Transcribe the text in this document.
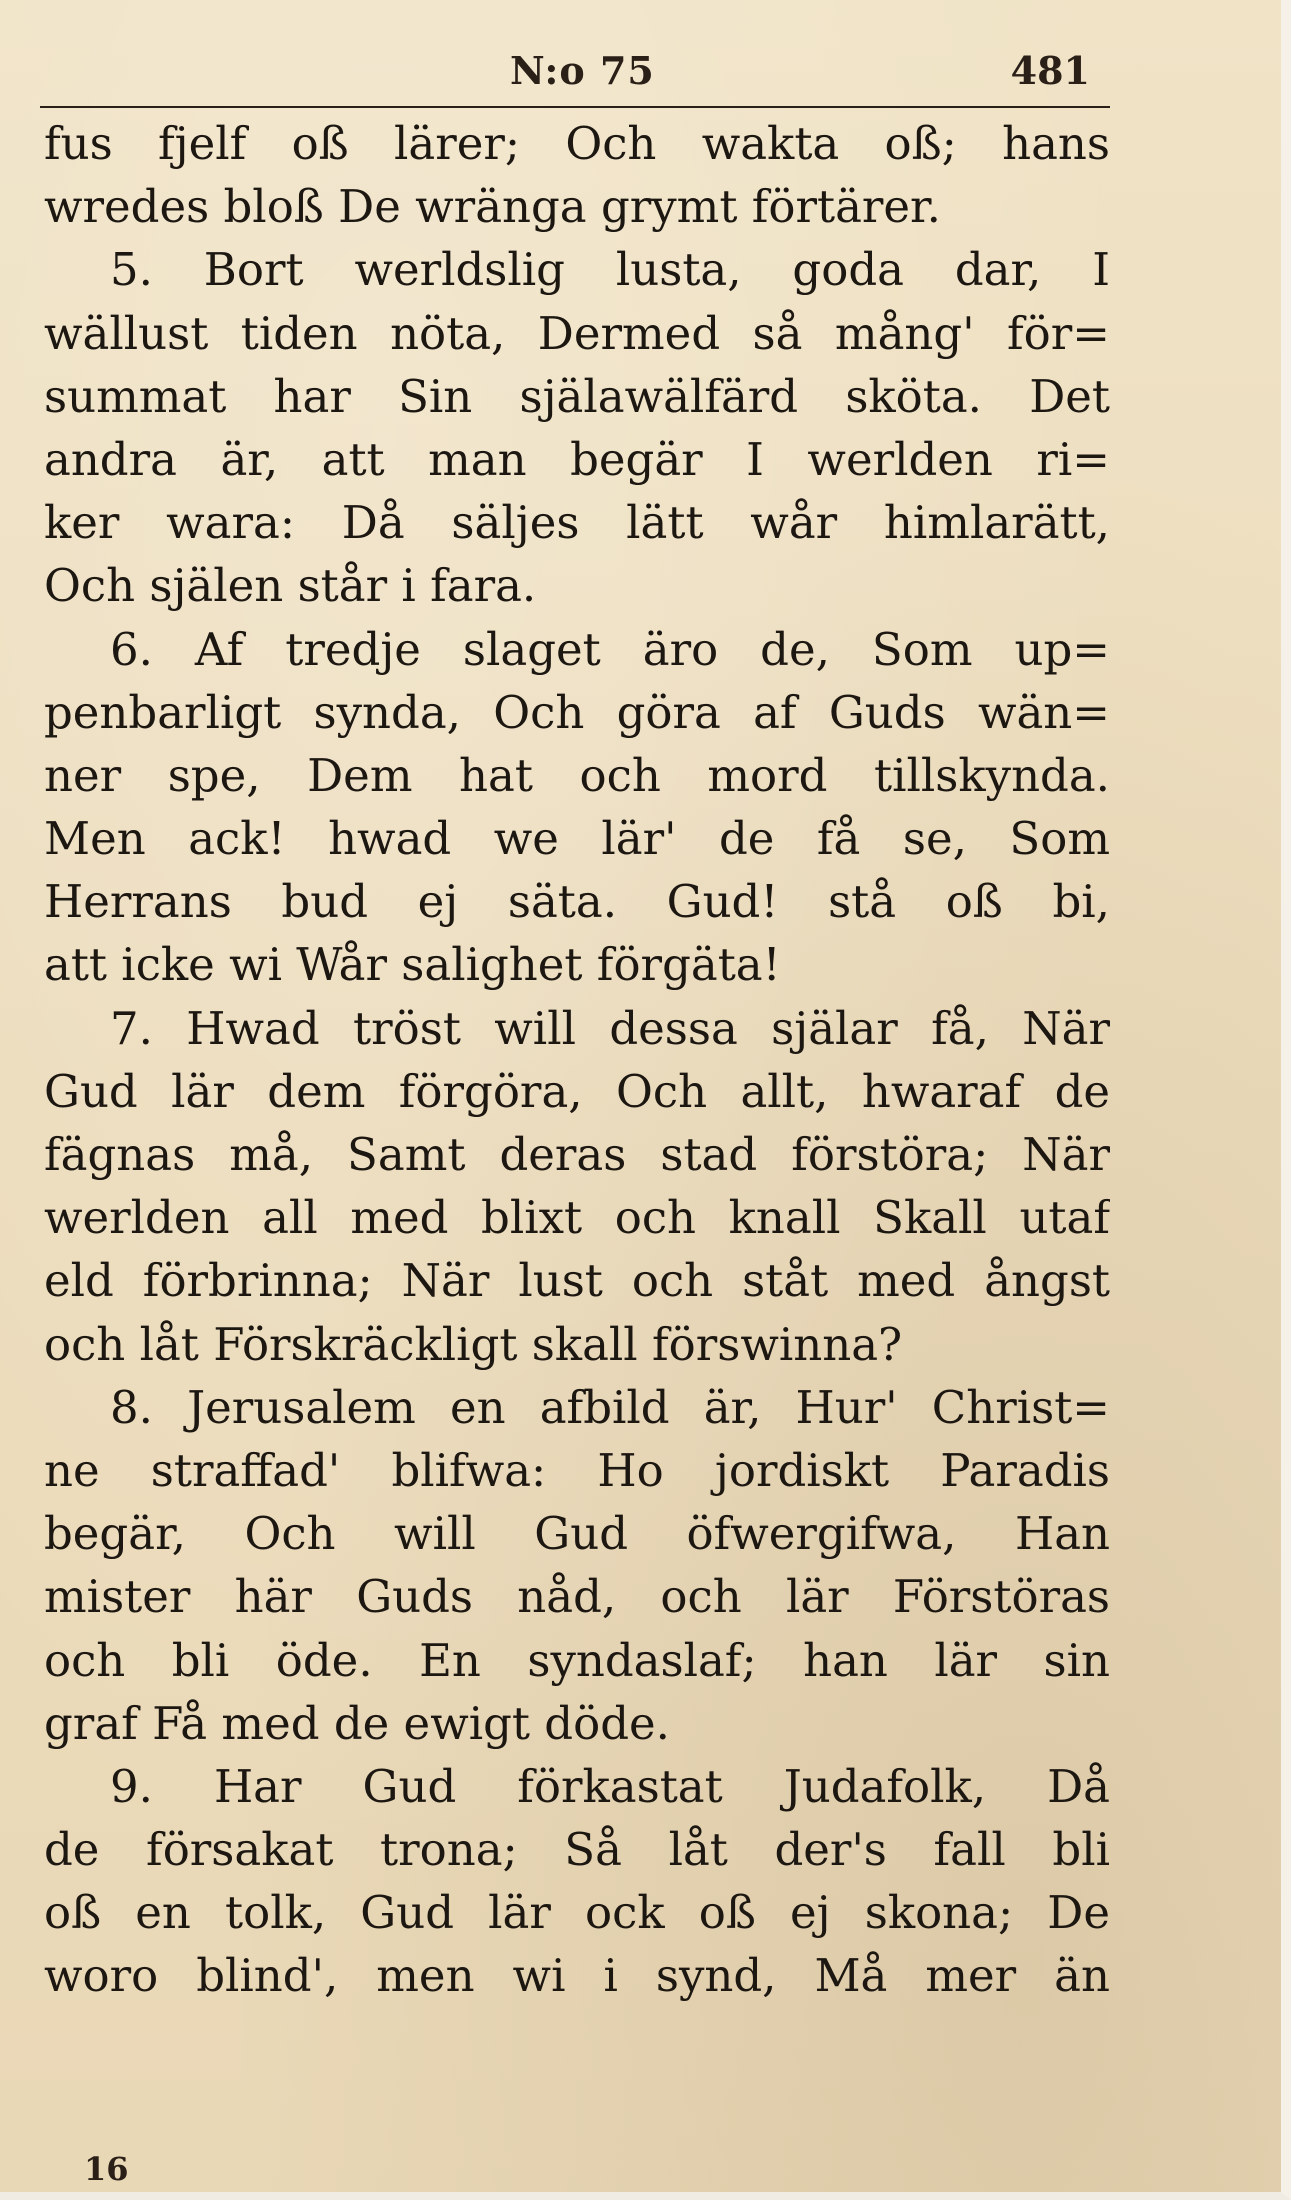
N:o 75	481
fus fjelf oß lärer; Och wakta oß; hans
wredes bloß De wränga grymt förtärer.
5. Bort werldslig lusta, goda dar, I
wällust tiden nöta, Dermed så mång' för=
summat har Sin själawälfärd sköta. Det
andra är, att man begär I werlden ri=
ker wara: Då säljes lätt wår himlarätt,
Och själen står i fara.
6. Af tredje slaget äro de, Som up=
penbarligt synda, Och göra af Guds wän=
ner spe, Dem hat och mord tillskynda.
Men ack! hwad we lär' de få se, Som
Herrans bud ej säta. Gud! stå oß bi,
att icke wi Wår salighet förgäta!
7. Hwad tröst will dessa själar få, När
Gud lär dem förgöra, Och allt, hwaraf de
fägnas må, Samt deras stad förstöra; När
werlden all med blixt och knall Skall utaf
eld förbrinna; När lust och ståt med ångst
och låt Förskräckligt skall förswinna?
8. Jerusalem en afbild är, Hur' Christ=
ne straffad' blifwa: Ho jordiskt Paradis
begär, Och will Gud öfwergifwa, Han
mister här Guds nåd, och lär Förstöras
och bli öde. En syndaslaf; han lär sin
graf Få med de ewigt döde.
9. Har Gud förkastat Judafolk, Då
de försakat trona; Så låt der's fall bli
oß en tolk, Gud lär ock oß ej skona; De
woro blind', men wi i synd, Må mer än
16
